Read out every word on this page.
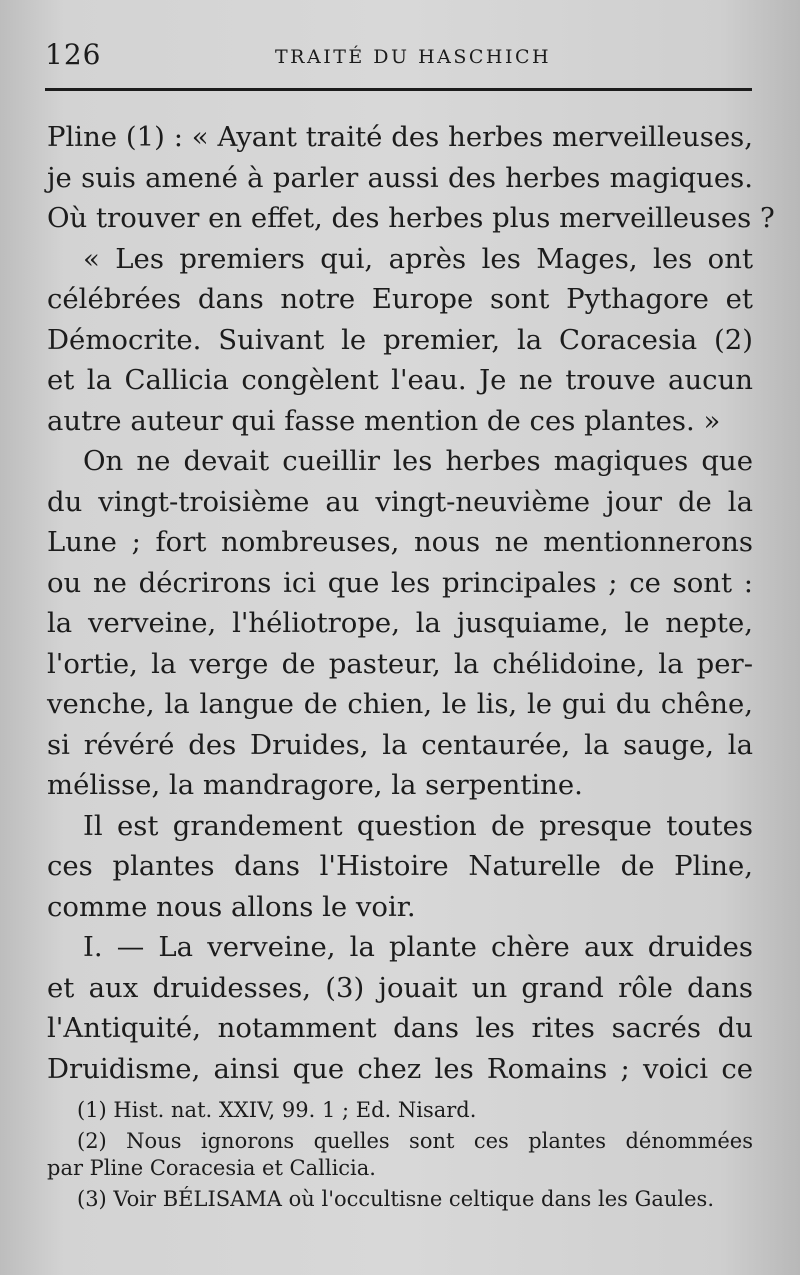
126	TRAITÉ DU HASCHICH
Pline (1) : « Ayant traité des herbes merveilleuses,
je suis amené à parler aussi des herbes magiques.
Où trouver en effet, des herbes plus merveilleuses ?
« Les premiers qui, après les Mages, les ont
célébrées dans notre Europe sont Pythagore et
Démocrite. Suivant le premier, la Coracesia (2)
et la Callicia congèlent l'eau. Je ne trouve aucun
autre auteur qui fasse mention de ces plantes. »
On ne devait cueillir les herbes magiques que
du vingt-troisième au vingt-neuvième jour de la
Lune ; fort nombreuses, nous ne mentionnerons
ou ne décrirons ici que les principales ; ce sont :
la verveine, l'héliotrope, la jusquiame, le nepte,
l'ortie, la verge de pasteur, la chélidoine, la per-
venche, la langue de chien, le lis, le gui du chêne,
si révéré des Druides, la centaurée, la sauge, la
mélisse, la mandragore, la serpentine.
Il est grandement question de presque toutes
ces plantes dans l'Histoire Naturelle de Pline,
comme nous allons le voir.
I. — La verveine, la plante chère aux druides
et aux druidesses, (3) jouait un grand rôle dans
l'Antiquité, notamment dans les rites sacrés du
Druidisme, ainsi que chez les Romains ; voici ce
(1) Hist. nat. XXIV, 99. 1 ; Ed. Nisard.
(2) Nous ignorons quelles sont ces plantes dénommées
par Pline Coracesia et Callicia.
(3) Voir BÉLISAMA où l'occultisne celtique dans les Gaules.
